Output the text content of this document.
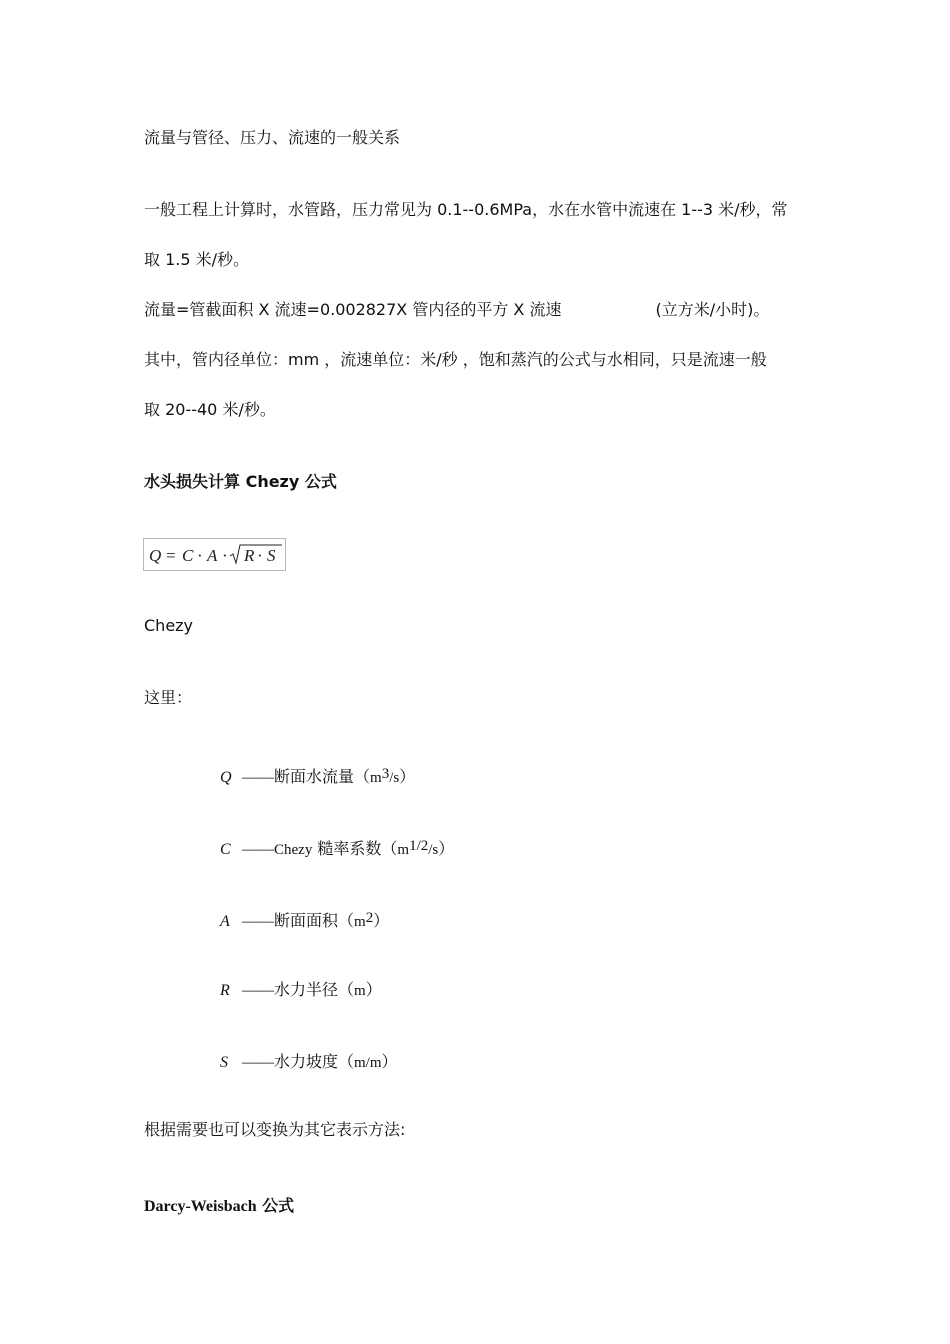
流量与管径、压力、流速的一般关系
一般工程上计算时，水管路，压力常见为 0.1--0.6MPa，水在水管中流速在 1--3 米/秒，常
取 1.5 米/秒。
流量=管截面积 X 流速=0.002827X 管内径的平方 X 流速	(立方米/小时)。
其中，管内径单位：mm ，流速单位：米/秒 ，饱和蒸汽的公式与水相同，只是流速一般
取 20--40 米/秒。
水头损失计算 Chezy 公式
Q = C · A · R · S
Chezy
这里：
Q ——断面水流量（m3/s）
C ——Chezy 糙率系数（m1/2/s）
A ——断面面积（m2）
R ——水力半径（m）
S ——水力坡度（m/m）
根据需要也可以变换为其它表示方法:
Darcy-Weisbach 公式
